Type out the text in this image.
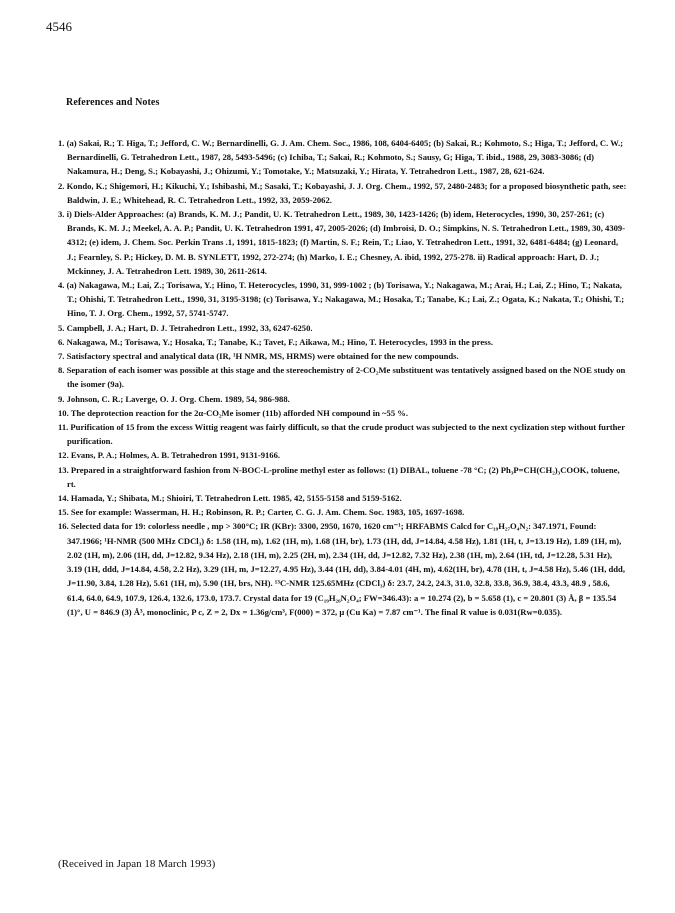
4546
References and Notes
1. (a) Sakai, R.; T. Higa, T.; Jefford, C. W.; Bernardinelli, G. J. Am. Chem. Soc., 1986, 108, 6404-6405; (b) Sakai, R.; Kohmoto, S.; Higa, T.; Jefford, C. W.; Bernardinelli, G. Tetrahedron Lett., 1987, 28, 5493-5496; (c) Ichiba, T.; Sakai, R.; Kohmoto, S.; Sausy, G; Higa, T. ibid., 1988, 29, 3083-3086; (d) Nakamura, H.; Deng, S.; Kobayashi, J.; Ohizumi, Y.; Tomotake, Y.; Matsuzaki, Y.; Hirata, Y. Tetrahedron Lett., 1987, 28, 621-624.
2. Kondo, K.; Shigemori, H.; Kikuchi, Y.; Ishibashi, M.; Sasaki, T.; Kobayashi, J. J. Org. Chem., 1992, 57, 2480-2483; for a proposed biosynthetic path, see: Baldwin, J. E.; Whitehead, R. C. Tetrahedron Lett., 1992, 33, 2059-2062.
3. i) Diels-Alder Approaches: (a) Brands, K. M. J.; Pandit, U. K. Tetrahedron Lett., 1989, 30, 1423-1426; (b) idem, Heterocycles, 1990, 30, 257-261; (c) Brands, K. M. J.; Meekel, A. A. P.; Pandit, U. K. Tetrahedron 1991, 47, 2005-2026; (d) Imbroisi, D. O.; Simpkins, N. S. Tetrahedron Lett., 1989, 30, 4309-4312; (e) idem, J. Chem. Soc. Perkin Trans .1, 1991, 1815-1823; (f) Martin, S. F.; Rein, T.; Liao, Y. Tetrahedron Lett., 1991, 32, 6481-6484; (g) Leonard, J.; Fearnley, S. P.; Hickey, D. M. B. SYNLETT, 1992, 272-274; (h) Marko, I. E.; Chesney, A. ibid, 1992, 275-278. ii) Radical approach: Hart, D. J.; Mckinney, J. A. Tetrahedron Lett. 1989, 30, 2611-2614.
4. (a) Nakagawa, M.; Lai, Z.; Torisawa, Y.; Hino, T. Heterocycles, 1990, 31, 999-1002 ; (b) Torisawa, Y.; Nakagawa, M.; Arai, H.; Lai, Z.; Hino, T.; Nakata, T.; Ohishi, T. Tetrahedron Lett., 1990, 31, 3195-3198; (c) Torisawa, Y.; Nakagawa, M.; Hosaka, T.; Tanabe, K.; Lai, Z.; Ogata, K.; Nakata, T.; Ohishi, T.; Hino, T. J. Org. Chem., 1992, 57, 5741-5747.
5. Campbell, J. A.; Hart, D. J. Tetrahedron Lett., 1992, 33, 6247-6250.
6. Nakagawa, M.; Torisawa, Y.; Hosaka, T.; Tanabe, K.; Tavet, F.; Aikawa, M.; Hino, T. Heterocycles, 1993 in the press.
7. Satisfactory spectral and analytical data (IR, ¹H NMR, MS, HRMS) were obtained for the new compounds.
8. Separation of each isomer was possible at this stage and the stereochemistry of 2-CO₂Me substituent was tentatively assigned based on the NOE study on the isomer (9a).
9. Johnson, C. R.; Laverge, O. J. Org. Chem. 1989, 54, 986-988.
10. The deprotection reaction for the 2α-CO₂Me isomer (11b) afforded NH compound in ~55 %.
11. Purification of 15 from the excess Wittig reagent was fairly difficult, so that the crude product was subjected to the next cyclization step without further purification.
12. Evans, P. A.; Holmes, A. B. Tetrahedron 1991, 9131-9166.
13. Prepared in a straightforward fashion from N-BOC-L-proline methyl ester as follows: (1) DIBAL, toluene -78 °C; (2) Ph₃P=CH(CH₂)₃COOK, toluene, rt.
14. Hamada, Y.; Shibata, M.; Shioiri, T. Tetrahedron Lett. 1985, 42, 5155-5158 and 5159-5162.
15. See for example: Wasserman, H. H.; Robinson, R. P.; Carter, C. G. J. Am. Chem. Soc. 1983, 105, 1697-1698.
16. Selected data for 19: colorless needle , mp > 300°C; IR (KBr): 3300, 2950, 1670, 1620 cm⁻¹; HRFABMS Calcd for C₁₉H₂₇O₄N₂: 347.1971, Found: 347.1966; ¹H-NMR (500 MHz CDCl₃) δ: 1.58 (1H, m), 1.62 (1H, m), 1.68 (1H, br), 1.73 (1H, dd, J=14.84, 4.58 Hz), 1.81 (1H, t, J=13.19 Hz), 1.89 (1H, m), 2.02 (1H, m), 2.06 (1H, dd, J=12.82, 9.34 Hz), 2.18 (1H, m), 2.25 (2H, m), 2.34 (1H, dd, J=12.82, 7.32 Hz), 2.38 (1H, m), 2.64 (1H, td, J=12.28, 5.31 Hz), 3.19 (1H, ddd, J=14.84, 4.58, 2.2 Hz), 3.29 (1H, m, J=12.27, 4.95 Hz), 3.44 (1H, dd), 3.84-4.01 (4H, m), 4.62(1H, br), 4.78 (1H, t, J=4.58 Hz), 5.46 (1H, ddd, J=11.90, 3.84, 1.28 Hz), 5.61 (1H, m), 5.90 (1H, brs, NH). ¹³C-NMR 125.65MHz (CDCl₃) δ: 23.7, 24.2, 24.3, 31.0, 32.8, 33.8, 36.9, 38.4, 43.3, 48.9 , 58.6, 61.4, 64.0, 64.9, 107.9, 126.4, 132.6, 173.0, 173.7. Crystal data for 19 (C₁₉H₂₆N₂O₄; FW=346.43): a = 10.274 (2), b = 5.658 (1), c = 20.801 (3) Å, β = 135.54 (1)°, U = 846.9 (3) Å³, monoclinic, P c, Z = 2, Dx = 1.36g/cm³, F(000) = 372, μ (Cu Ka) = 7.87 cm⁻¹. The final R value is 0.031(Rw=0.035).
(Received in Japan 18 March 1993)
